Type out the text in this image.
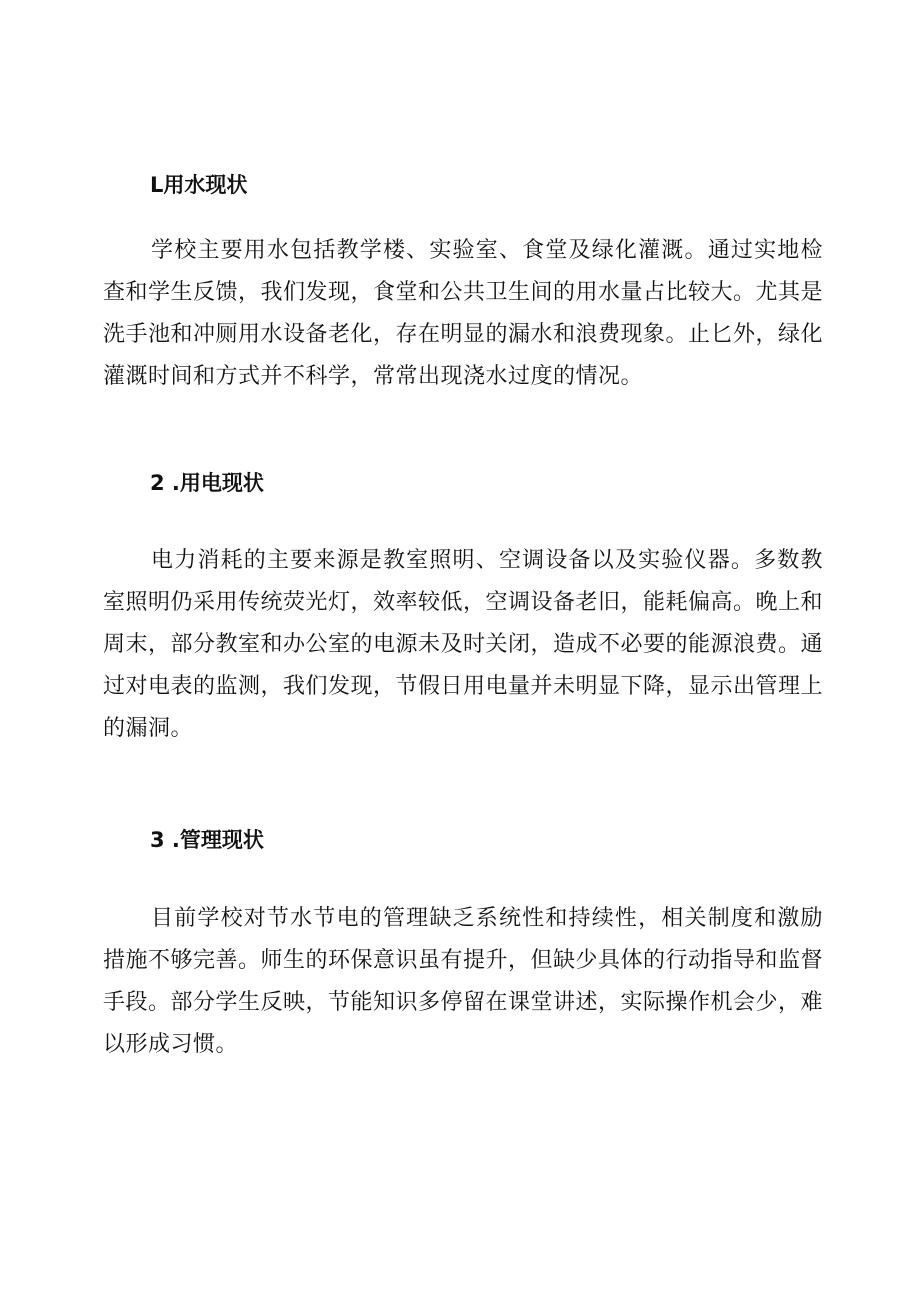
L用水现状

学校主要用水包括教学楼、实验室、食堂及绿化灌溉。通过实地检查和学生反馈，我们发现，食堂和公共卫生间的用水量占比较大。尤其是洗手池和冲厕用水设备老化，存在明显的漏水和浪费现象。止匕外，绿化灌溉时间和方式并不科学，常常出现浇水过度的情况。

2 .用电现状

电力消耗的主要来源是教室照明、空调设备以及实验仪器。多数教室照明仍采用传统荧光灯，效率较低，空调设备老旧，能耗偏高。晚上和周末，部分教室和办公室的电源未及时关闭，造成不必要的能源浪费。通过对电表的监测，我们发现，节假日用电量并未明显下降，显示出管理上的漏洞。

3 .管理现状

目前学校对节水节电的管理缺乏系统性和持续性，相关制度和激励措施不够完善。师生的环保意识虽有提升，但缺少具体的行动指导和监督手段。部分学生反映，节能知识多停留在课堂讲述，实际操作机会少，难以形成习惯。
